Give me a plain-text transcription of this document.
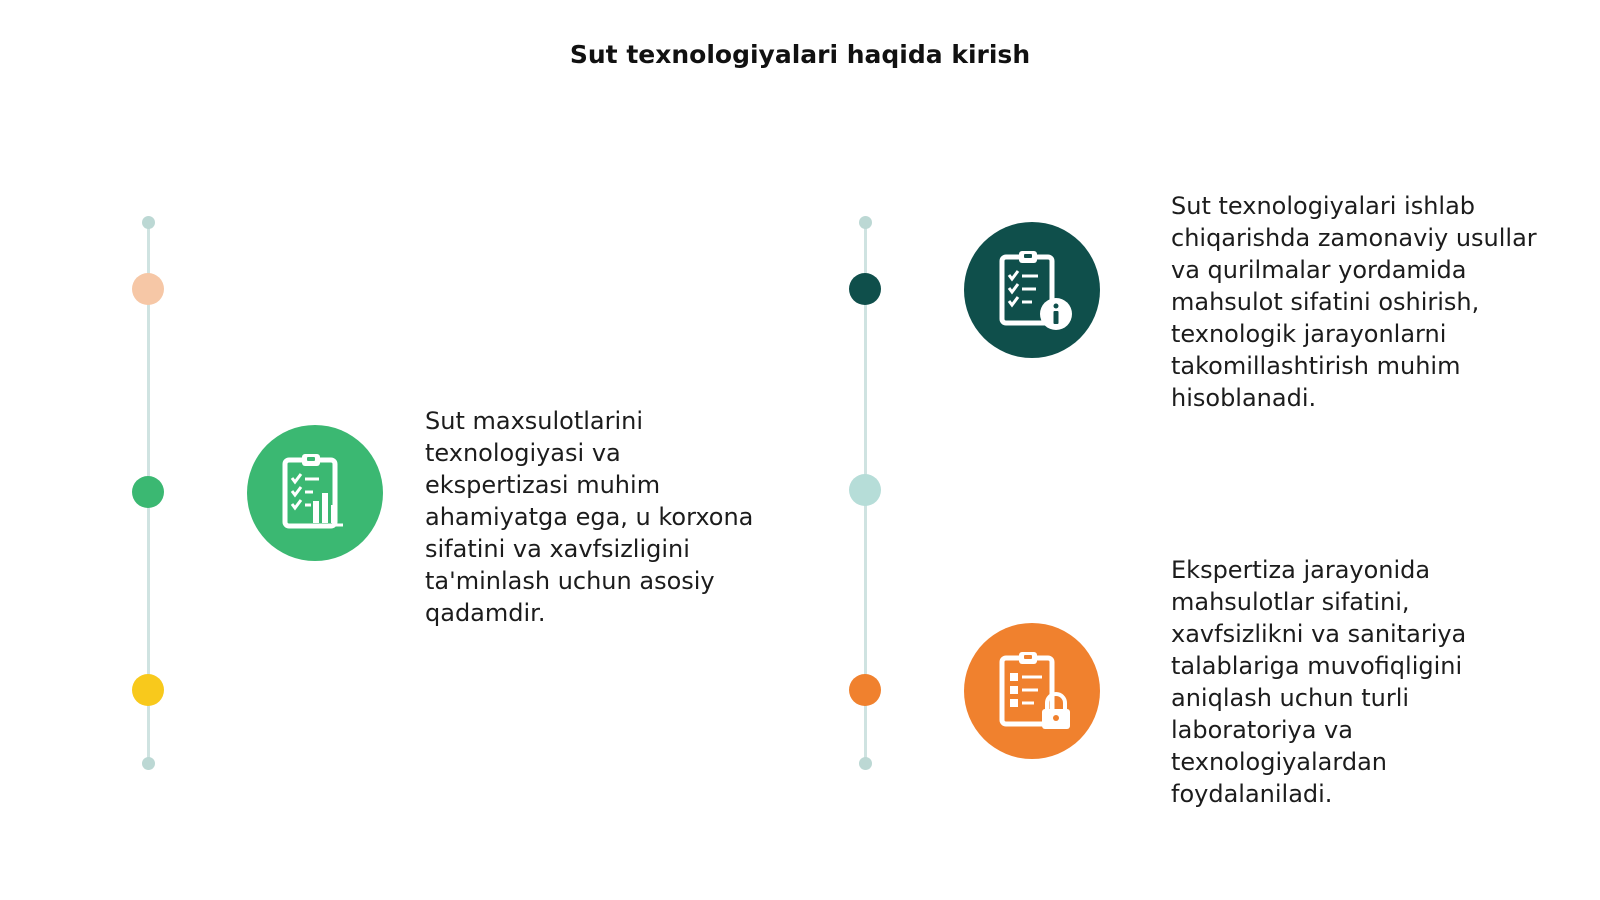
Sut texnologiyalari haqida kirish
Sut maxsulotlarini texnologiyasi va ekspertizasi muhim ahamiyatga ega, u korxona sifatini va xavfsizligini ta'minlash uchun asosiy qadamdir.
Sut texnologiyalari ishlab chiqarishda zamonaviy usullar va qurilmalar yordamida mahsulot sifatini oshirish, texnologik jarayonlarni takomillashtirish muhim hisoblanadi.
Ekspertiza jarayonida mahsulotlar sifatini, xavfsizlikni va sanitariya talablariga muvofiqligini aniqlash uchun turli laboratoriya va texnologiyalardan foydalaniladi.
